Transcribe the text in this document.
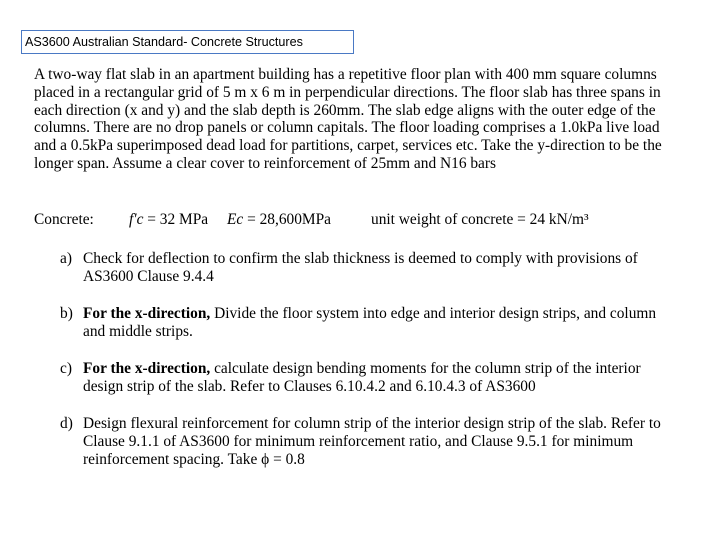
AS3600 Australian Standard- Concrete Structures

A two-way flat slab in an apartment building has a repetitive floor plan with 400 mm square columns placed in a rectangular grid of 5 m x 6 m in perpendicular directions. The floor slab has three spans in each direction (x and y) and the slab depth is 260mm. The slab edge aligns with the outer edge of the columns. There are no drop panels or column capitals. The floor loading comprises a 1.0kPa live load and a 0.5kPa superimposed dead load for partitions, carpet, services etc. Take the y-direction to be the longer span. Assume a clear cover to reinforcement of 25mm and N16 bars

Concrete: f'c = 32 MPa Ec = 28,600MPa	unit weight of concrete = 24 kN/m³
a) Check for deflection to confirm the slab thickness is deemed to comply with provisions of AS3600 Clause 9.4.4
b) For the x-direction, Divide the floor system into edge and interior design strips, and column and middle strips.
c) For the x-direction, calculate design bending moments for the column strip of the interior design strip of the slab. Refer to Clauses 6.10.4.2 and 6.10.4.3 of AS3600
d) Design flexural reinforcement for column strip of the interior design strip of the slab. Refer to Clause 9.1.1 of AS3600 for minimum reinforcement ratio, and Clause 9.5.1 for minimum reinforcement spacing. Take ϕ = 0.8
